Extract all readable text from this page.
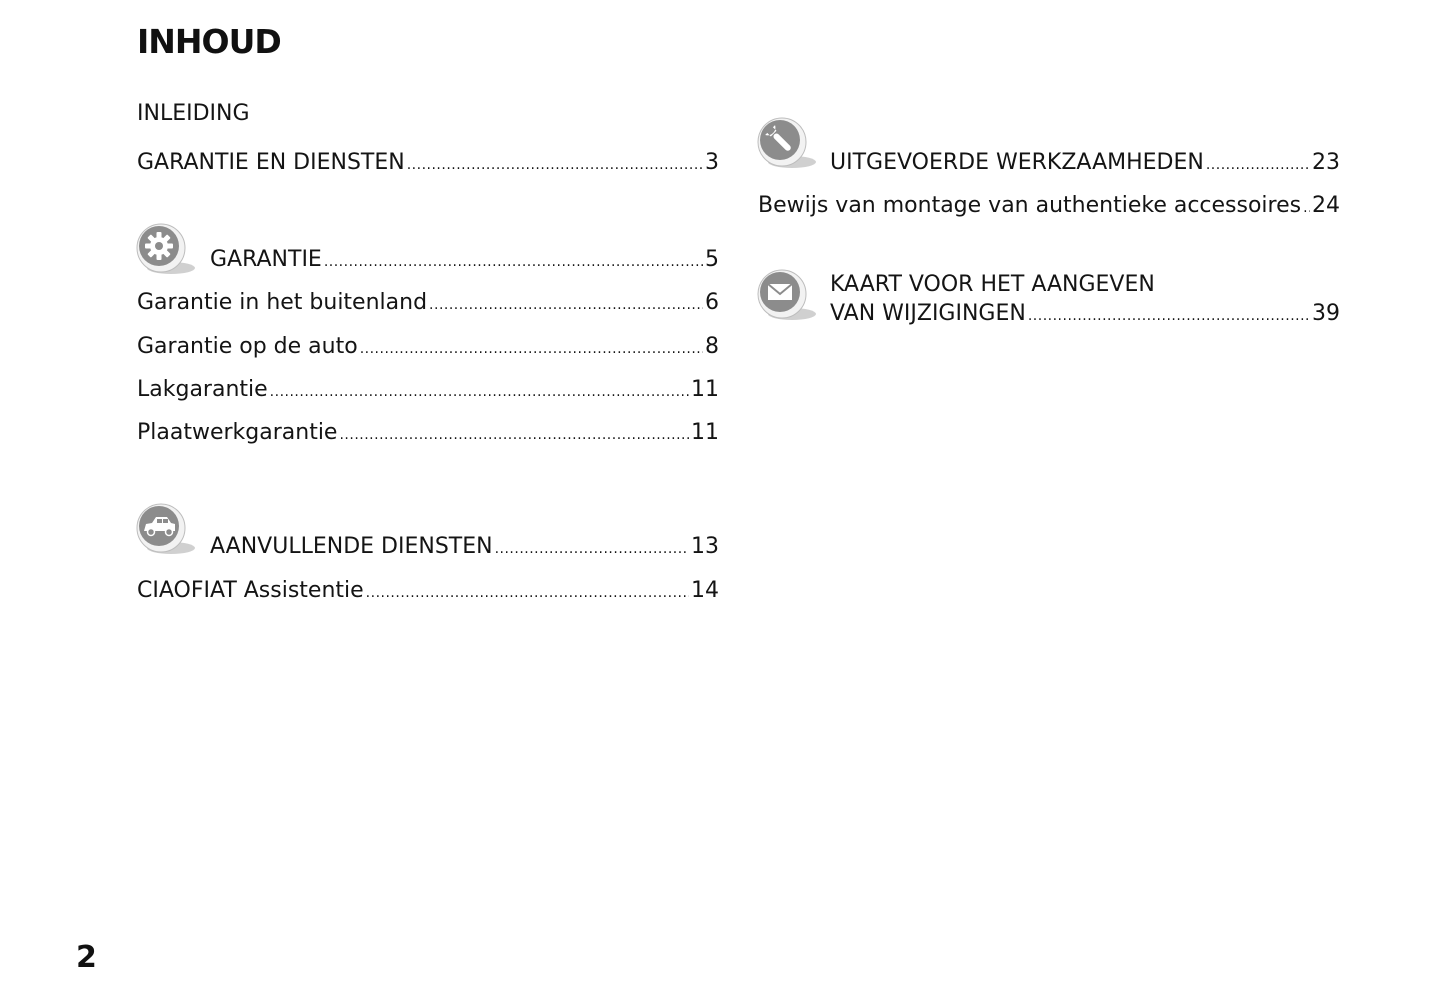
INHOUD
INLEIDING
GARANTIE EN DIENSTEN .....	3
GARANTIE .....	5
Garantie in het buitenland .....	6
Garantie op de auto .....	8
Lakgarantie .....	11
Plaatwerkgarantie .....	11
AANVULLENDE DIENSTEN .....	13
CIAOFIAT Assistentie .....	14
UITGEVOERDE WERKZAAMHEDEN .....	23
Bewijs van montage van authentieke accessoires ..... 24
KAART VOOR HET AANGEVEN
VAN WIJZIGINGEN .....	39
2
